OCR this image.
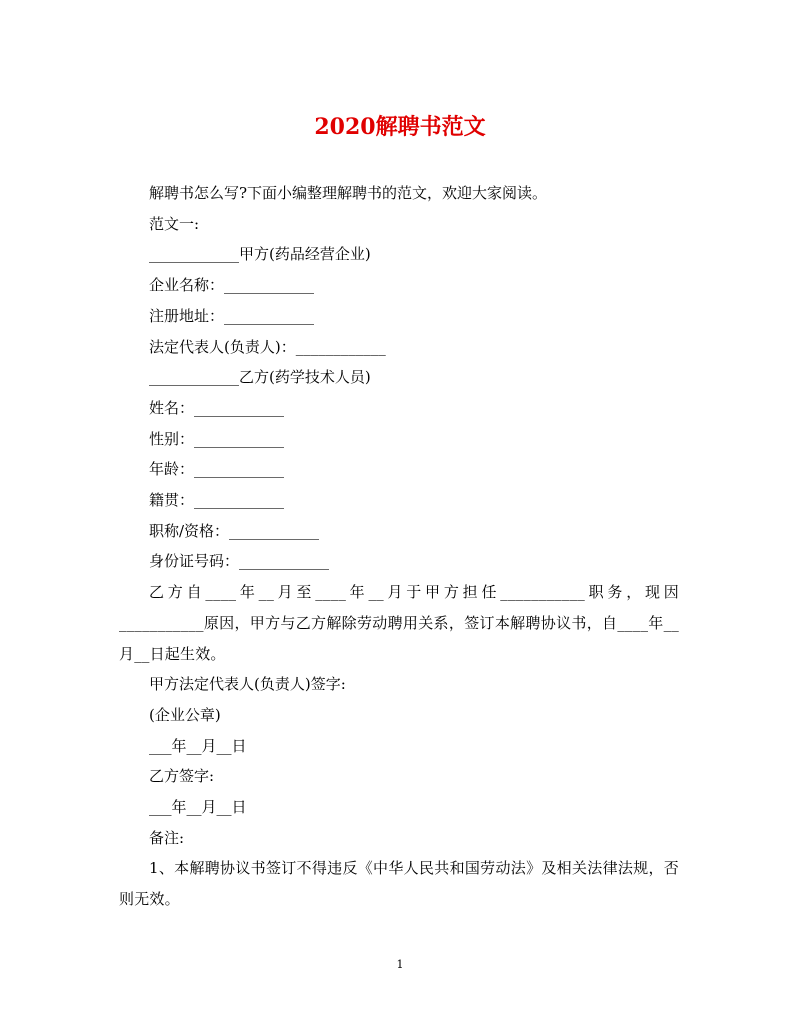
2020解聘书范文

解聘书怎么写?下面小编整理解聘书的范文，欢迎大家阅读。

范文一:

____________甲方(药品经营企业)

企业名称：____________

注册地址：____________

法定代表人(负责人)：____________

____________乙方(药学技术人员)

姓名：____________

性别：____________

年龄：____________

籍贯：____________

职称/资格：____________

身份证号码：____________

乙方自____年__月至____年__月于甲方担任___________职务，现因___________原因，甲方与乙方解除劳动聘用关系，签订本解聘协议书，自____年__ 月__日起生效。

甲方法定代表人(负责人)签字:

(企业公章)

___年__月__日

乙方签字:

___年__月__日

备注:

1、本解聘协议书签订不得违反《中华人民共和国劳动法》及相关法律法规，否则无效。

1
